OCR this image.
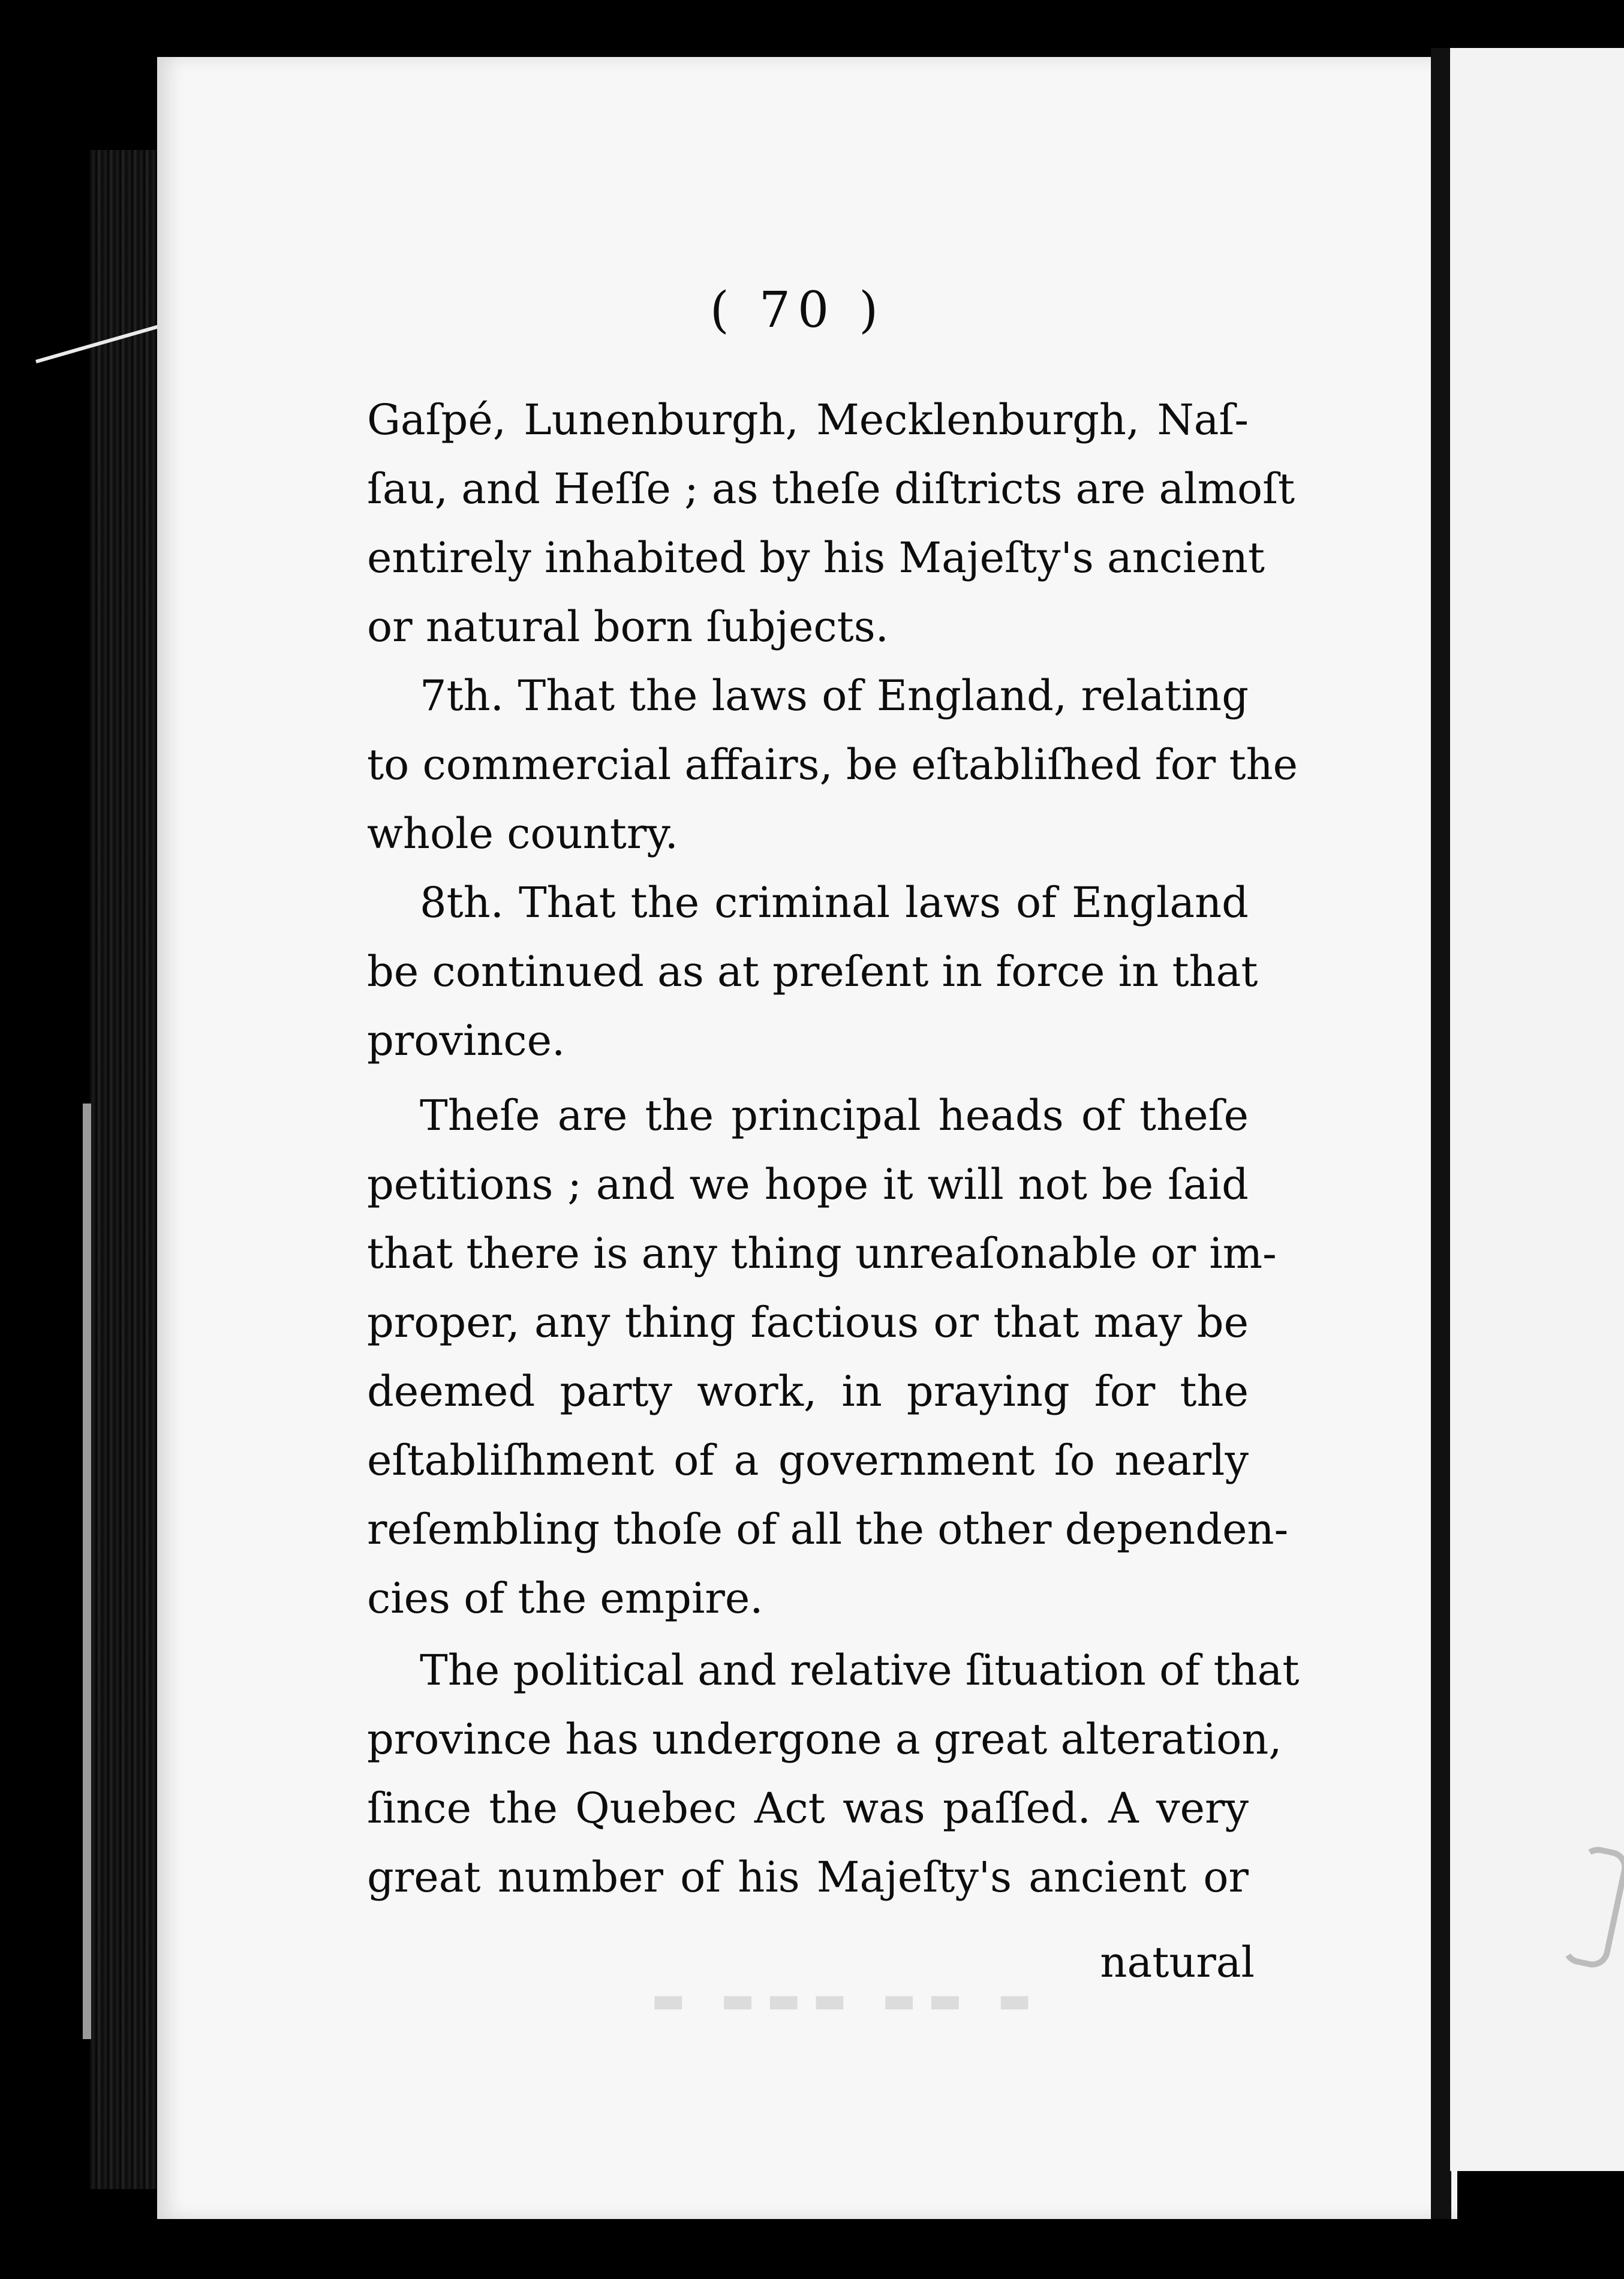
( 70 )
Gaſpé, Lunenburgh, Mecklenburgh, Naſ-
ſau, and Heſſe ; as theſe diſtricts are almoſt
entirely inhabited by his Majeſty's ancient
or natural born ſubjects.
7th. That the laws of England, relating
to commercial affairs, be eſtabliſhed for the
whole country.
8th. That the criminal laws of England
be continued as at preſent in force in that
province.
Theſe are the principal heads of theſe
petitions ; and we hope it will not be ſaid
that there is any thing unreaſonable or im-
proper, any thing factious or that may be
deemed party work, in praying for the
eſtabliſhment of a government ſo nearly
reſembling thoſe of all the other dependen-
cies of the empire.
The political and relative ſituation of that
province has undergone a great alteration,
ſince the Quebec Act was paſſed. A very
great number of his Majeſty's ancient or
natural
▬ ▬▬ ▬▬▬ ▬
